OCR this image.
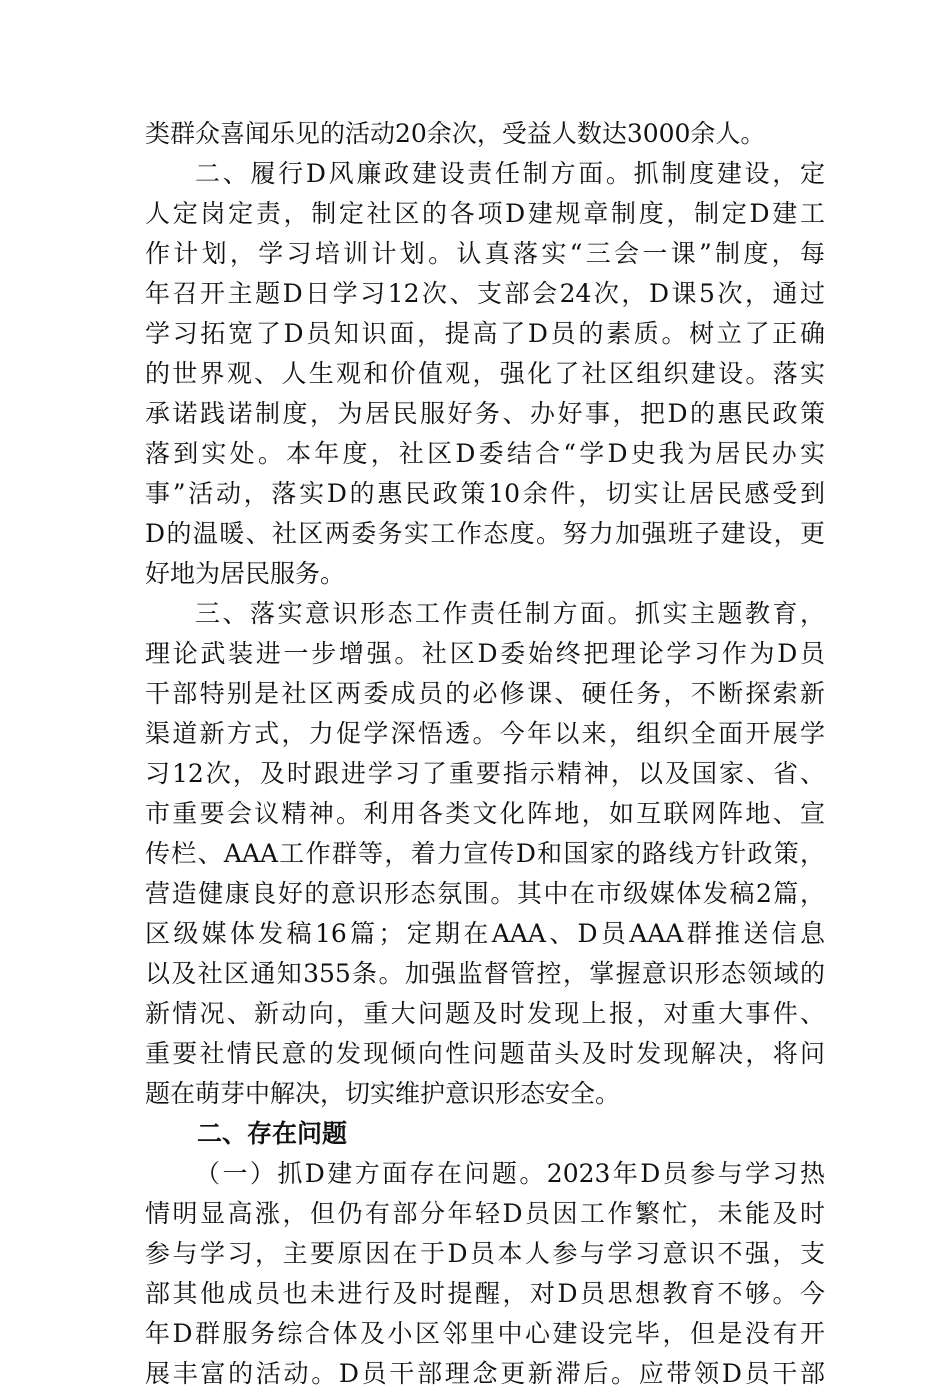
类群众喜闻乐见的活动20余次，受益人数达3000余人。
二、履行D风廉政建设责任制方面。抓制度建设，定
人定岗定责，制定社区的各项D建规章制度，制定D建工
作计划，学习培训计划。认真落实“三会一课”制度，每
年召开主题D日学习12次、支部会24次，D课5次，通过
学习拓宽了D员知识面，提高了D员的素质。树立了正确
的世界观、人生观和价值观，强化了社区组织建设。落实
承诺践诺制度，为居民服好务、办好事，把D的惠民政策
落到实处。本年度，社区D委结合“学D史我为居民办实
事”活动，落实D的惠民政策10余件，切实让居民感受到
D的温暖、社区两委务实工作态度。努力加强班子建设，更
好地为居民服务。
三、落实意识形态工作责任制方面。抓实主题教育，
理论武装进一步增强。社区D委始终把理论学习作为D员
干部特别是社区两委成员的必修课、硬任务，不断探索新
渠道新方式，力促学深悟透。今年以来，组织全面开展学
习12次，及时跟进学习了重要指示精神，以及国家、省、
市重要会议精神。利用各类文化阵地，如互联网阵地、宣
传栏、AAA工作群等，着力宣传D和国家的路线方针政策，
营造健康良好的意识形态氛围。其中在市级媒体发稿2篇，
区级媒体发稿16篇；定期在AAA、D员AAA群推送信息
以及社区通知355条。加强监督管控，掌握意识形态领域的
新情况、新动向，重大问题及时发现上报，对重大事件、
重要社情民意的发现倾向性问题苗头及时发现解决，将问
题在萌芽中解决，切实维护意识形态安全。
二、存在问题
（一）抓D建方面存在问题。2023年D员参与学习热
情明显高涨，但仍有部分年轻D员因工作繁忙，未能及时
参与学习，主要原因在于D员本人参与学习意识不强，支
部其他成员也未进行及时提醒，对D员思想教育不够。今
年D群服务综合体及小区邻里中心建设完毕，但是没有开
展丰富的活动。D员干部理念更新滞后。应带领D员干部
